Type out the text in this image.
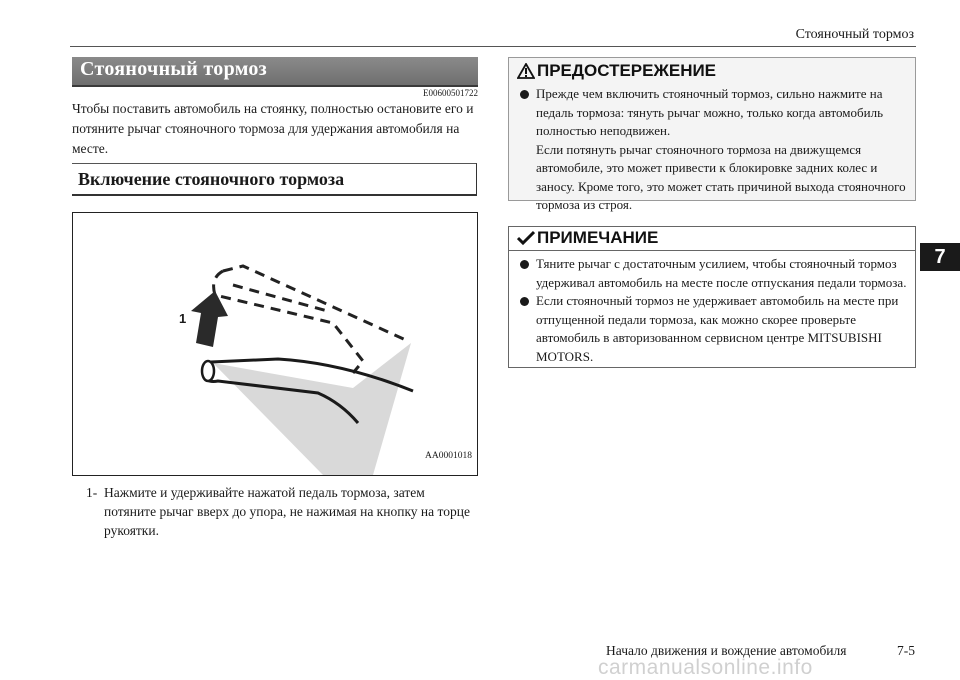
Стояночный тормоз
Стояночный тормоз
E00600501722
Чтобы поставить автомобиль на стоянку, полностью остановите его и потяните рычаг стояночного тормоза для удержания автомобиля на месте.
Включение стояночного тормоза
1
AA0001018
1- Нажмите и удерживайте нажатой педаль тормоза, затем потяните рычаг вверх до упора, не нажимая на кнопку на торце рукоятки.
ПРЕДОСТЕРЕЖЕНИЕ
Прежде чем включить стояночный тормоз, сильно нажмите на педаль тормоза: тянуть рычаг можно, только когда автомобиль полностью неподвижен.
Если потянуть рычаг стояночного тормоза на движущемся автомобиле, это может привести к блокировке задних колес и заносу. Кроме того, это может стать причиной выхода стояночного тормоза из строя.
ПРИМЕЧАНИЕ
Тяните рычаг с достаточным усилием, чтобы стояночный тормоз удерживал автомобиль на месте после отпускания педали тормоза.
Если стояночный тормоз не удерживает автомобиль на месте при отпущенной педали тормоза, как можно скорее проверьте автомобиль в авторизованном сервисном центре MITSUBISHI MOTORS.
7
Начало движения и вождение автомобиля	7-5
carmanualsonline.info
